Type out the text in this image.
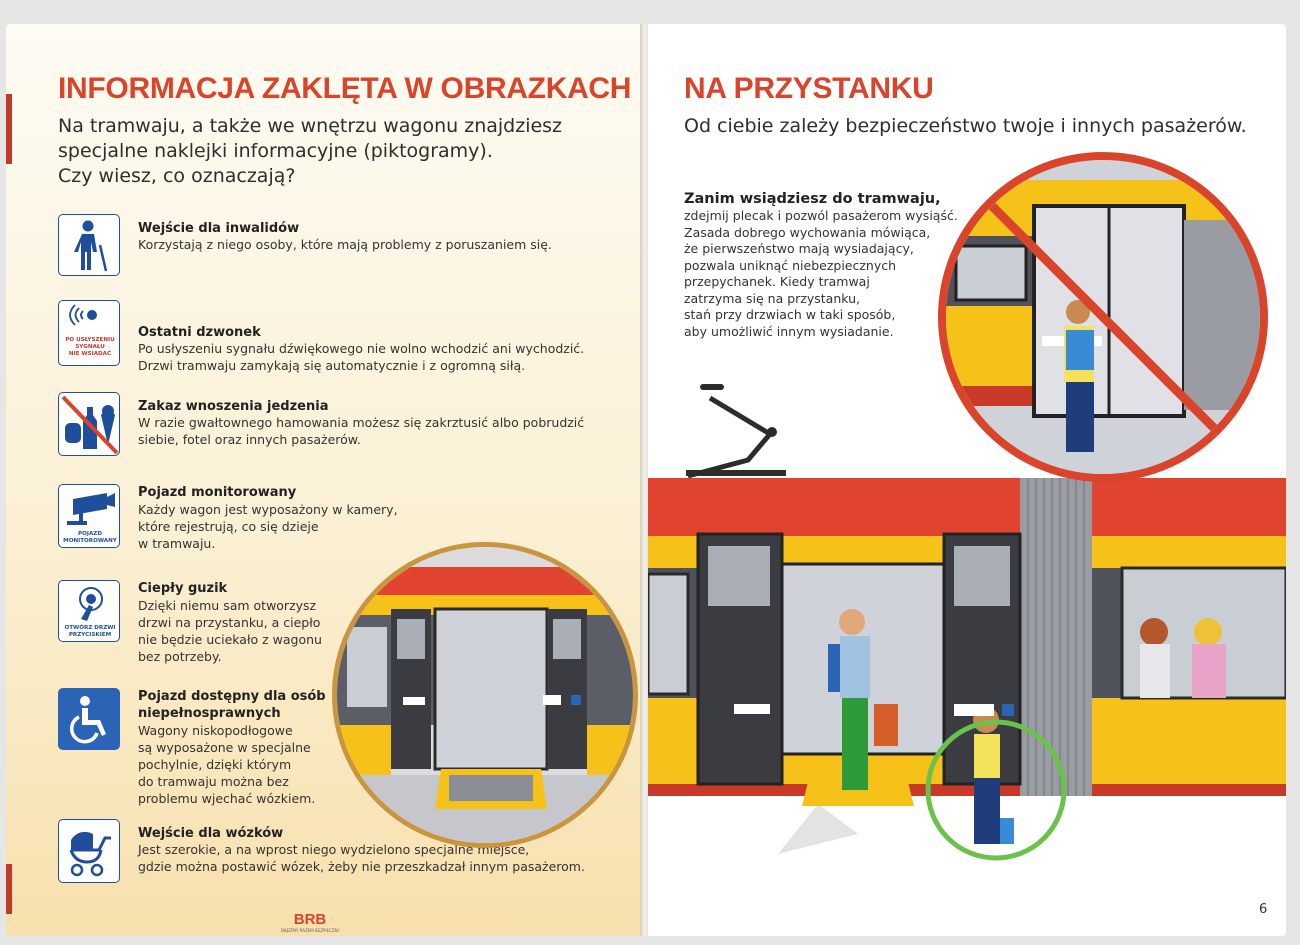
INFORMACJA ZAKLĘTA W OBRAZKACH

Na tramwaju, a także we wnętrzu wagonu znajdziesz
specjalne naklejki informacyjne (piktogramy).
Czy wiesz, co oznaczają?

Wejście dla inwalidów
Korzystają z niego osoby, które mają problemy z poruszaniem się.
PO USŁYSZENIU
SYGNAŁU
NIE WSIADAĆ
Ostatni dzwonek
Po usłyszeniu sygnału dźwiękowego nie wolno wchodzić ani wychodzić.
Drzwi tramwaju zamykają się automatycznie i z ogromną siłą.
Zakaz wnoszenia jedzenia
W razie gwałtownego hamowania możesz się zakrztusić albo pobrudzić
siebie, fotel oraz innych pasażerów.
POJAZD
MONITOROWANY
Pojazd monitorowany
Każdy wagon jest wyposażony w kamery,
które rejestrują, co się dzieje
w tramwaju.
OTWÓRZ DRZWI
PRZYCISKIEM
Ciepły guzik
Dzięki niemu sam otworzysz
drzwi na przystanku, a ciepło
nie będzie uciekało z wagonu
bez potrzeby.
Pojazd dostępny dla osób
niepełnosprawnych
Wagony niskopodłogowe
są wyposażone w specjalne
pochylnie, dzięki którym
do tramwaju można bez
problemu wjechać wózkiem.
Wejście dla wózków
Jest szerokie, a na wprost niego wydzielono specjalne miejsce,
gdzie można postawić wózek, żeby nie przeszkadzał innym pasażerom.
BRB
BĄDŹMY RAZEM BEZPIECZNI
NA PRZYSTANKU

Od ciebie zależy bezpieczeństwo twoje i innych pasażerów.

Zanim wsiądziesz do tramwaju,
zdejmij plecak i pozwól pasażerom wysiąść.
Zasada dobrego wychowania mówiąca,
że pierwszeństwo mają wysiadający,
pozwala uniknąć niebezpiecznych
przepychanek. Kiedy tramwaj
zatrzyma się na przystanku,
stań przy drzwiach w taki sposób,
aby umożliwić innym wysiadanie.
6
